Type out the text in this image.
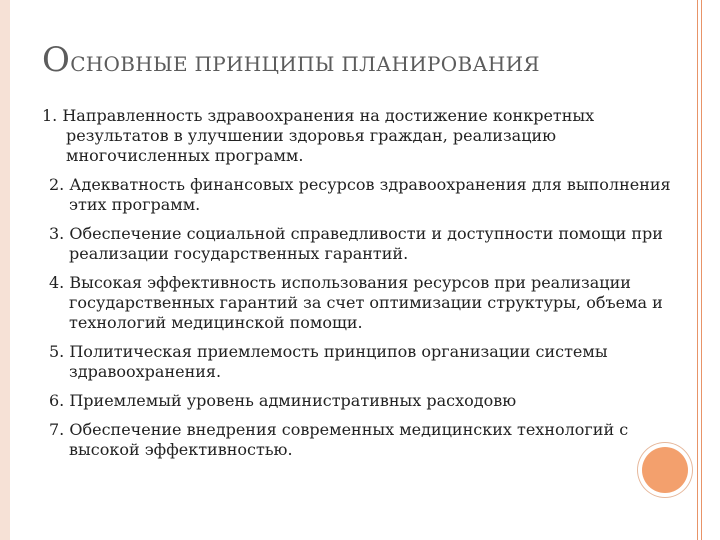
ОСНОВНЫЕ ПРИНЦИПЫ ПЛАНИРОВАНИЯ
1. Направленность здравоохранения на достижение конкретных результатов в улучшении здоровья граждан, реализацию многочисленных программ.
2. Адекватность финансовых ресурсов здравоохранения для выполнения этих программ.
3. Обеспечение социальной справедливости и доступности помощи при реализации государственных гарантий.
4. Высокая эффективность использования ресурсов при реализации государственных гарантий за счет оптимизации структуры, объема и технологий медицинской помощи.
5. Политическая приемлемость принципов организации системы здравоохранения.
6. Приемлемый уровень административных расходовю
7. Обеспечение внедрения современных медицинских технологий с высокой эффективностью.
